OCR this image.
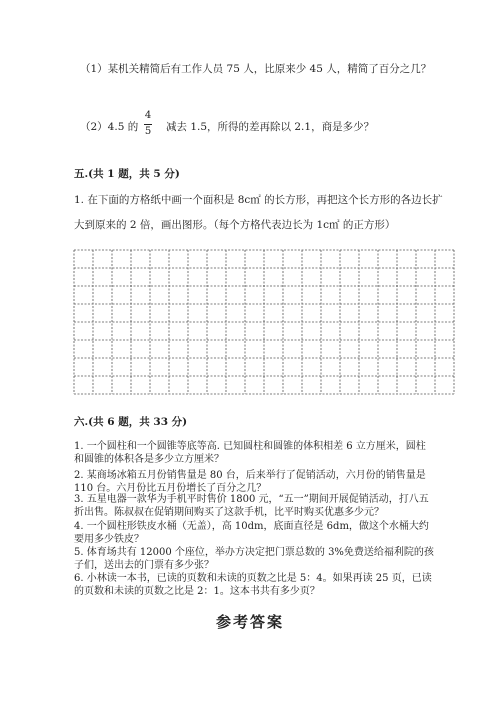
（1）某机关精简后有工作人员 75 人，比原来少 45 人，精简了百分之几？
（2）4.5 的
4
5 减去 1.5，所得的差再除以 2.1，商是多少？
五.(共 1 题，共 5 分)
1. 在下面的方格纸中画一个面积是 8c㎡ 的长方形，再把这个长方形的各边长扩
大到原来的 2 倍，画出图形。（每个方格代表边长为 1c㎡ 的正方形）
六.(共 6 题，共 33 分)
1. 一个圆柱和一个圆锥等底等高. 已知圆柱和圆锥的体积相差 6 立方厘米，圆柱和圆锥的体积各是多少立方厘米？
2. 某商场冰箱五月份销售量是 80 台，后来举行了促销活动，六月份的销售量是 110 台。六月份比五月份增长了百分之几？
3. 五星电器一款华为手机平时售价 1800 元，“五一”期间开展促销活动，打八五折出售。陈叔叔在促销期间购买了这款手机，比平时购买优惠多少元？
4. 一个圆柱形铁皮水桶（无盖），高 10dm，底面直径是 6dm，做这个水桶大约要用多少铁皮？
5. 体育场共有 12000 个座位，举办方决定把门票总数的 3%免费送给福利院的孩子们，送出去的门票有多少张？
6. 小林读一本书，已读的页数和未读的页数之比是 5：4。如果再读 25 页，已读的页数和未读的页数之比是 2：1。这本书共有多少页？
参考答案
